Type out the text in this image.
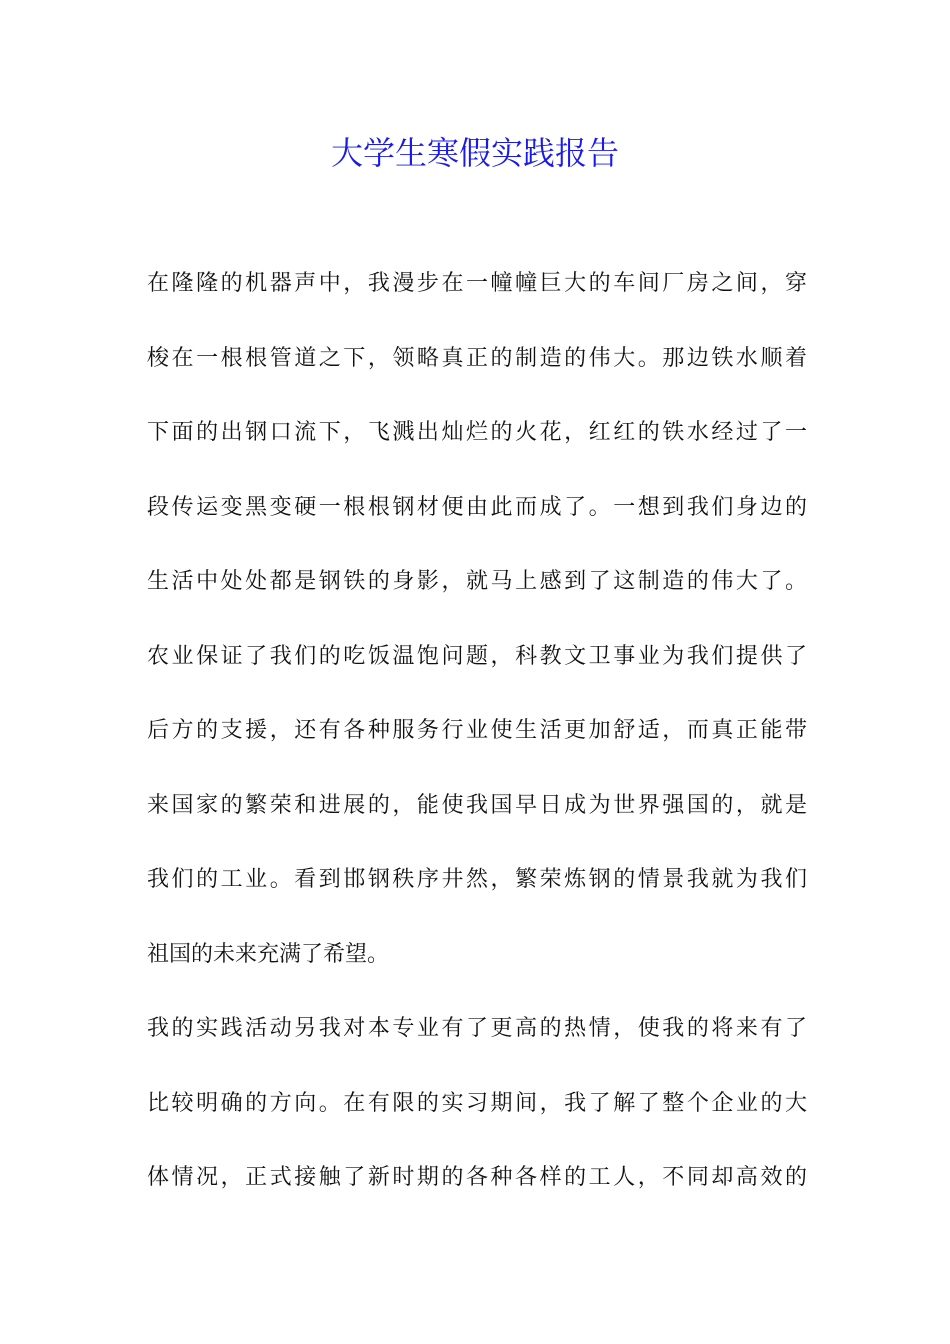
大学生寒假实践报告
在隆隆的机器声中，我漫步在一幢幢巨大的车间厂房之间，穿
梭在一根根管道之下，领略真正的制造的伟大。那边铁水顺着
下面的出钢口流下，飞溅出灿烂的火花，红红的铁水经过了一
段传运变黑变硬一根根钢材便由此而成了。一想到我们身边的
生活中处处都是钢铁的身影，就马上感到了这制造的伟大了。
农业保证了我们的吃饭温饱问题，科教文卫事业为我们提供了
后方的支援，还有各种服务行业使生活更加舒适，而真正能带
来国家的繁荣和进展的，能使我国早日成为世界强国的，就是
我们的工业。看到邯钢秩序井然，繁荣炼钢的情景我就为我们
祖国的未来充满了希望。
我的实践活动另我对本专业有了更高的热情，使我的将来有了
比较明确的方向。在有限的实习期间，我了解了整个企业的大
体情况，正式接触了新时期的各种各样的工人，不同却高效的
